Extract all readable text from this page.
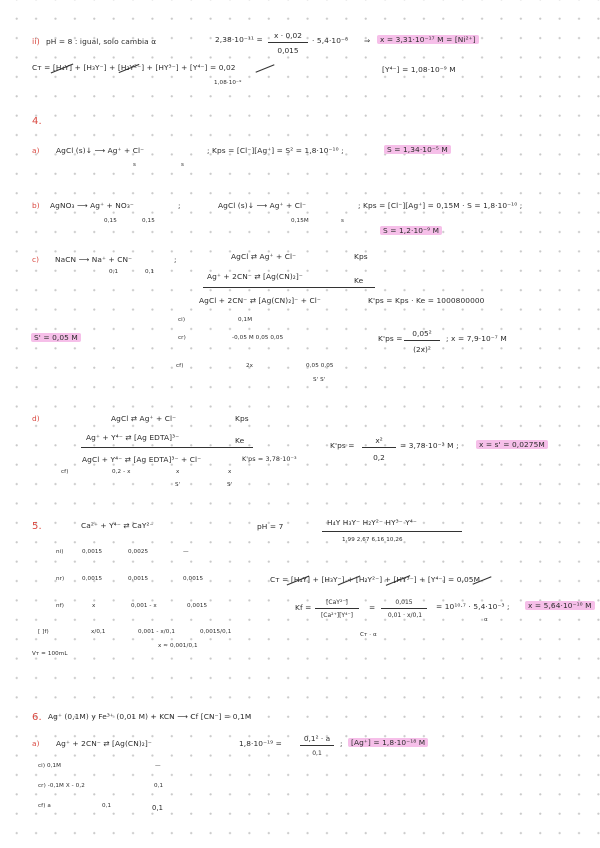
ii) pH = 8 : igual, solo cambia α	2,38·10⁻¹¹ =	x · 0,02
0,015
· 5,4·10⁻⁸ ⇒	x = 3,31·10⁻¹⁷ M = [Ni²⁺]
Cᴛ = [H₄Y] + [H₃Y⁻] + [H₂Y²⁻] + [HY³⁻] + [Y⁴⁻] = 0,02
1,08·10⁻⁹
[Y⁴⁻] = 1,08·10⁻⁹ M
4.
a) AgCl (s)↓ ⟶ Ag⁺ + Cl⁻
s	s
; Kps = [Cl⁻][Ag⁺] = S² = 1,8·10⁻¹⁰ ;	S = 1,34·10⁻⁵ M
b) AgNO₃ ⟶ Ag⁺ + NO₃⁻
0,15	0,15
;	AgCl (s)↓ ⟶ Ag⁺ + Cl⁻
0,15M	s
; Kps = [Cl⁻][Ag⁺] = 0,15M · S = 1,8·10⁻¹⁰ ;
S = 1,2·10⁻⁹ M
c) NaCN ⟶ Na⁺ + CN⁻
0,1	0,1
;	AgCl ⇄ Ag⁺ + Cl⁻	Kps
Ag⁺ + 2CN⁻ ⇄ [Ag(CN)₂]⁻	Ke
AgCl + 2CN⁻ ⇄ [Ag(CN)₂]⁻ + Cl⁻	K'ps = Kps · Ke = 1000800000
ci)	0,1M
S' = 0,05 M	cr)	-0,05 M 0,05 0,05	K'ps =
0,05²
(2x)²
; x = 7,9·10⁻⁷ M
cf)	2x	0,05 0,05
S' S'
d)	AgCl ⇄ Ag⁺ + Cl⁻	Kps
Ag⁺ + Y⁴⁻ ⇄ [Ag EDTA]³⁻	Ke
AgCl + Y⁴⁻ ⇄ [Ag EDTA]³⁻ + Cl⁻	K'ps = 3,78·10⁻³
cf)	0,2 - x	x	x
S'	S'
K'ps =
x²
0,2
= 3,78·10⁻³ M ;	x = s' = 0,0275M
5.	Ca²⁺ + Y⁴⁻ ⇄ CaY²⁻	pH = 7	H₄Y H₃Y⁻ H₂Y²⁻ HY³⁻ Y⁴⁻
1,99 2,67 6,16 10,26
ni)	0,0015	0,0025	—
nr)	0,0015	0,0015	0,0015	Cᴛ = [H₄Y] + [H₃Y⁻] + [H₂Y²⁻] + [HY³⁻] + [Y⁴⁻] = 0,05M
nf)	x	0,001 - x	0,0015	Kf =
[CaY²⁻]
[Ca²⁺][Y⁴⁻]
=
0,015
0,01 · x/0,1
= 10¹⁰·⁷ · 5,4·10⁻³ ;
α
x = 5,64·10⁻¹⁰ M
Cᴛ · α
[ ]f)	x/0,1	0,001 - x/0,1	0,0015/0,1
x ≈ 0,001/0,1
Vᴛ = 100mL
6. Ag⁺ (0,1M) y Fe³⁺ (0,01 M) + KCN ⟶ Cf [CN⁻] = 0,1M
a) Ag⁺ + 2CN⁻ ⇄ [Ag(CN)₂]⁻	1,8·10⁻¹⁹ =
0,1² · a
0,1
;	[Ag⁺] = 1,8·10⁻¹⁸ M
ci) 0,1M	—
cr) -0,1M X - 0,2	0,1
cf) a	0,1	0,1
